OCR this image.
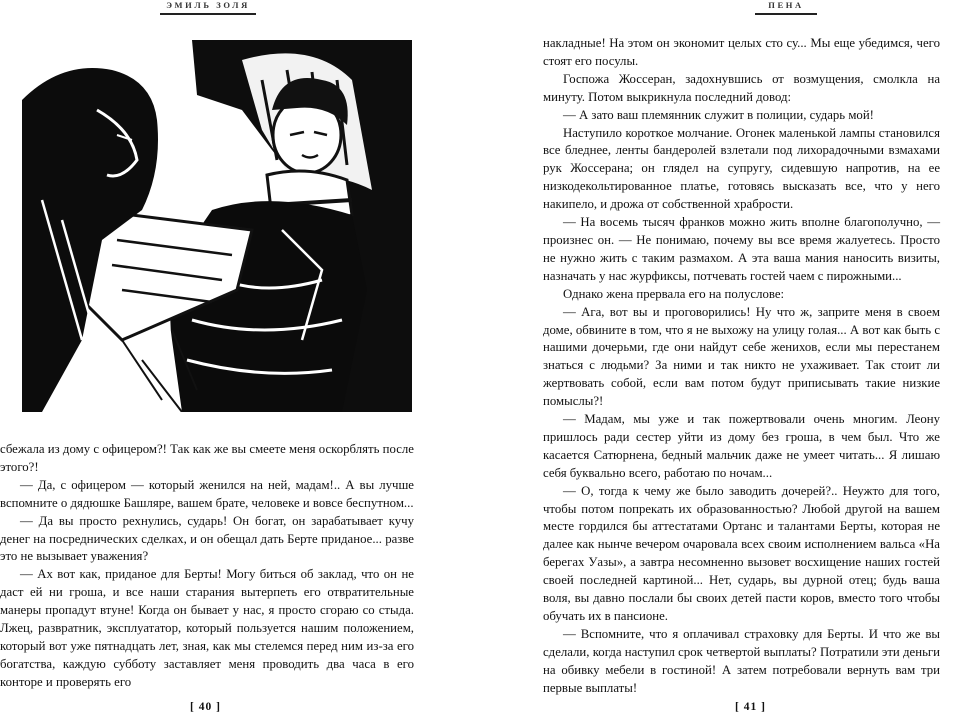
ЭМИЛЬ ЗОЛЯ

сбежала из дому с офицером?! Так как же вы смеете меня оскорблять после этого?!

— Да, с офицером — который женился на ней, мадам!.. А вы лучше вспомните о дядюшке Башляре, вашем брате, человеке и вовсе беспутном...

— Да вы просто рехнулись, сударь! Он богат, он зарабатывает кучу денег на посреднических сделках, и он обещал дать Берте приданое... разве это не вызывает уважения?

— Ах вот как, приданое для Берты! Могу биться об заклад, что он не даст ей ни гроша, и все наши старания вытерпеть его отвратительные манеры пропадут втуне! Когда он бывает у нас, я просто сгораю со стыда. Лжец, развратник, эксплуататор, который пользуется нашим положением, который вот уже пятнадцать лет, зная, как мы стелемся перед ним из-за его богатства, каждую субботу заставляет меня проводить два часа в его конторе и проверять его

[ 40 ]
ПЕНА

накладные! На этом он экономит целых сто су... Мы еще убедимся, чего стоят его посулы.

Госпожа Жоссеран, задохнувшись от возмущения, смолкла на минуту. Потом выкрикнула последний довод:

— А зато ваш племянник служит в полиции, сударь мой!

Наступило короткое молчание. Огонек маленькой лампы становился все бледнее, ленты бандеролей взлетали под лихорадочными взмахами рук Жоссерана; он глядел на супругу, сидевшую напротив, на ее низкодекольтированное платье, готовясь высказать все, что у него накипело, и дрожа от собственной храбрости.

— На восемь тысяч франков можно жить вполне благополучно, — произнес он. — Не понимаю, почему вы все время жалуетесь. Просто не нужно жить с таким размахом. А эта ваша мания наносить визиты, назначать у нас журфиксы, потчевать гостей чаем с пирожными...

Однако жена прервала его на полуслове:

— Ага, вот вы и проговорились! Ну что ж, заприте меня в своем доме, обвините в том, что я не выхожу на улицу голая... А вот как быть с нашими дочерьми, где они найдут себе женихов, если мы перестанем знаться с людьми? За ними и так никто не ухаживает. Так стоит ли жертвовать собой, если вам потом будут приписывать такие низкие помыслы?!

— Мадам, мы уже и так пожертвовали очень многим. Леону пришлось ради сестер уйти из дому без гроша, в чем был. Что же касается Сатюрнена, бедный мальчик даже не умеет читать... Я лишаю себя буквально всего, работаю по ночам...

— О, тогда к чему же было заводить дочерей?.. Неужто для того, чтобы потом попрекать их образованностью? Любой другой на вашем месте гордился бы аттестатами Ортанс и талантами Берты, которая не далее как нынче вечером очаровала всех своим исполнением вальса «На берегах Уазы», а завтра несомненно вызовет восхищение наших гостей своей последней картиной... Нет, сударь, вы дурной отец; будь ваша воля, вы давно послали бы своих детей пасти коров, вместо того чтобы обучать их в пансионе.

— Вспомните, что я оплачивал страховку для Берты. И что же вы сделали, когда наступил срок четвертой выплаты? Потратили эти деньги на обивку мебели в гостиной! А затем потребовали вернуть вам три первые выплаты!

[ 41 ]
